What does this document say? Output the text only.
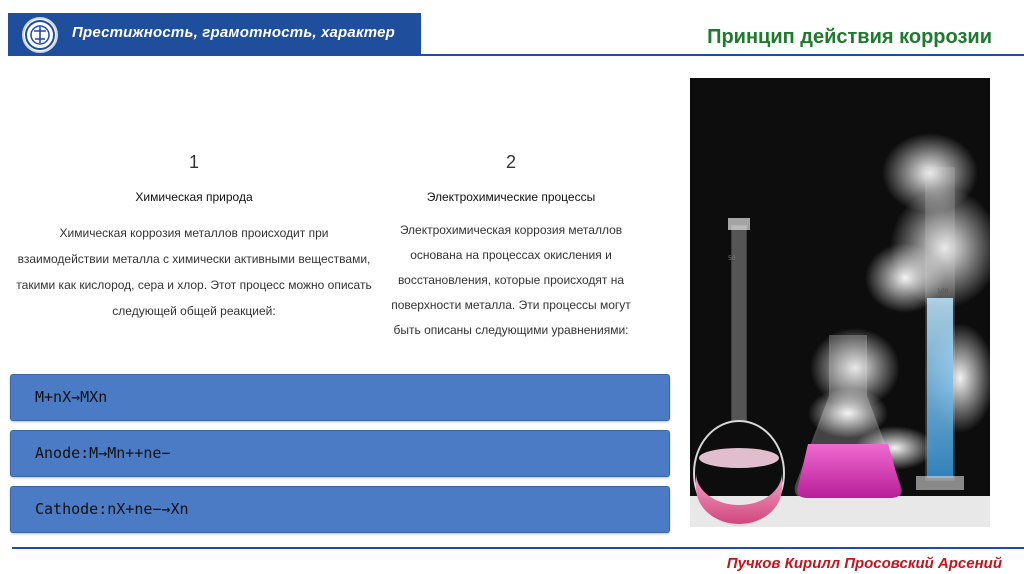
Престижность, грамотность, характер	Принцип действия коррозии
1
Химическая природа
Химическая коррозия металлов происходит при
взаимодействии металла с химически активными веществами,
такими как кислород, сера и хлор. Этот процесс можно описать
следующей общей реакцией:
2
Электрохимические процессы
Электрохимическая коррозия металлов
основана на процессах окисления и
восстановления, которые происходят на
поверхности металла. Эти процессы могут
быть описаны следующими уравнениями:
M+nX→MXn
Anode:M→Mn++ne−
Cathode:nX+ne−→Xn
100
50
Пучков Кирилл Просовский Арсений
